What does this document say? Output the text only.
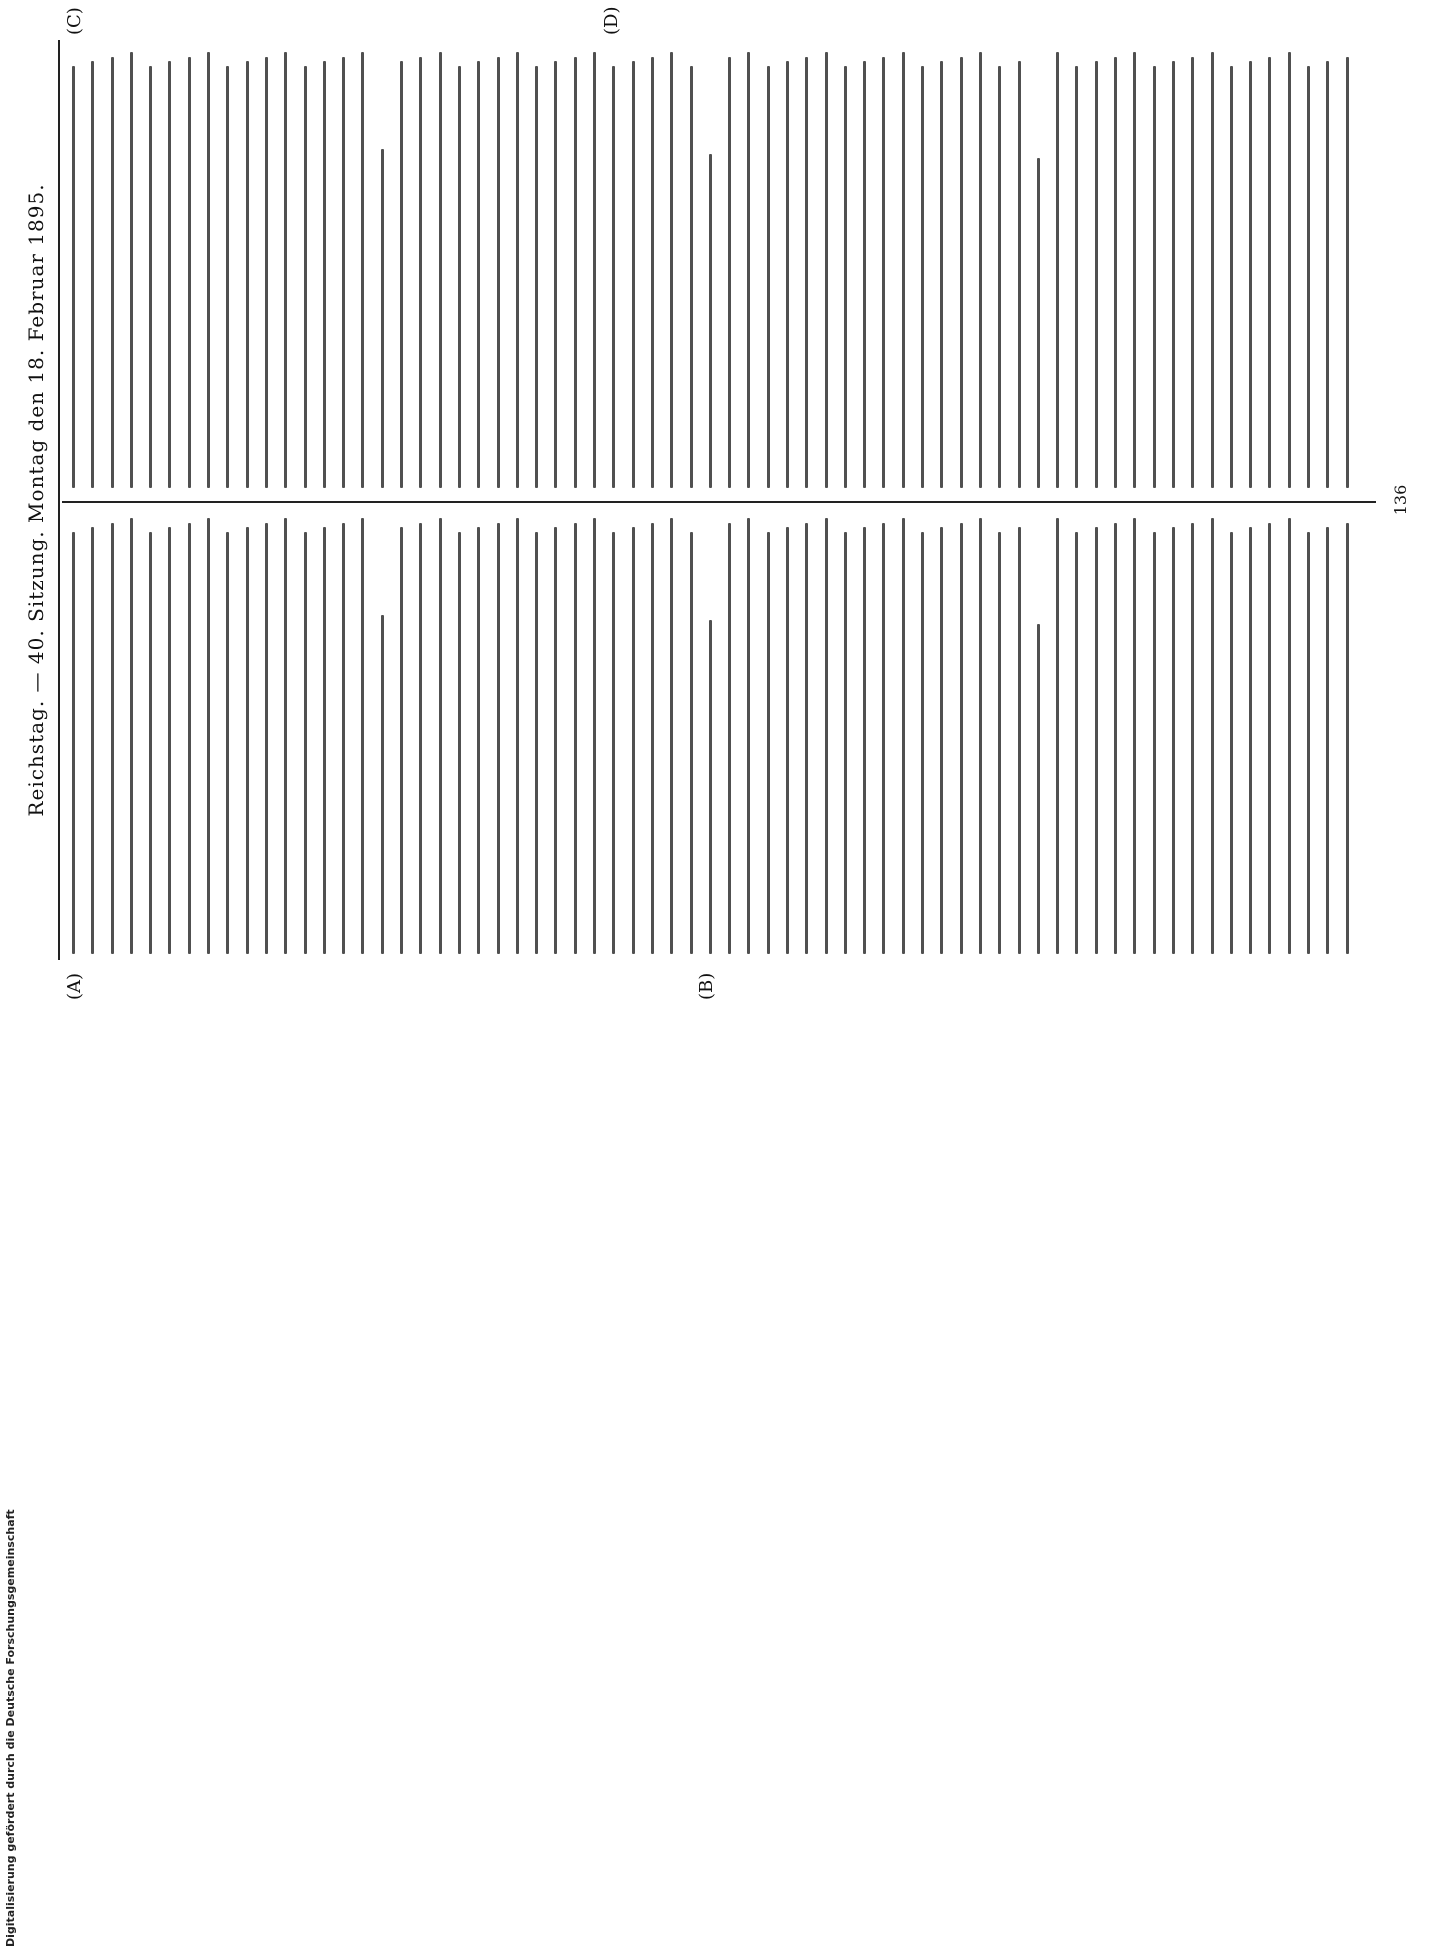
Reichstag. — 40. Sitzung. Montag den 18. Februar 1895.
(A)	(B)
(C)	(D)
136
Digitalisierung gefördert durch die Deutsche Forschungsgemeinschaft
